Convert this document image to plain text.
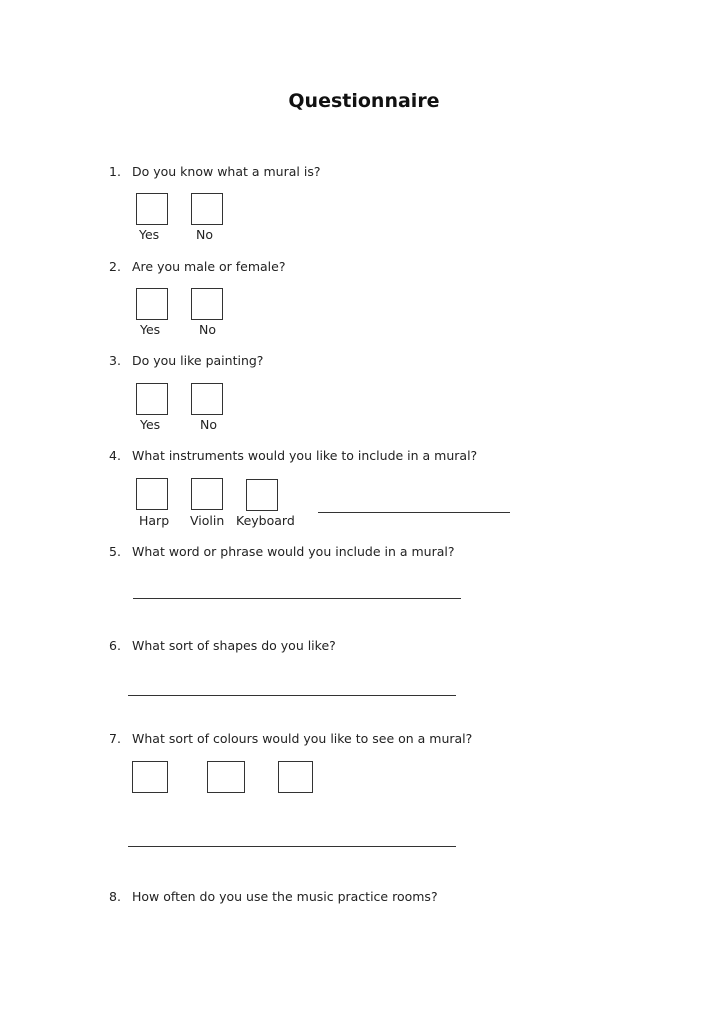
Questionnaire
1. Do you know what a mural is?
Yes	No
2. Are you male or female?
Yes	No
3. Do you like painting?
Yes	No
4. What instruments would you like to include in a mural?
Harp Violin Keyboard
5. What word or phrase would you include in a mural?
6. What sort of shapes do you like?
7. What sort of colours would you like to see on a mural?
8. How often do you use the music practice rooms?
